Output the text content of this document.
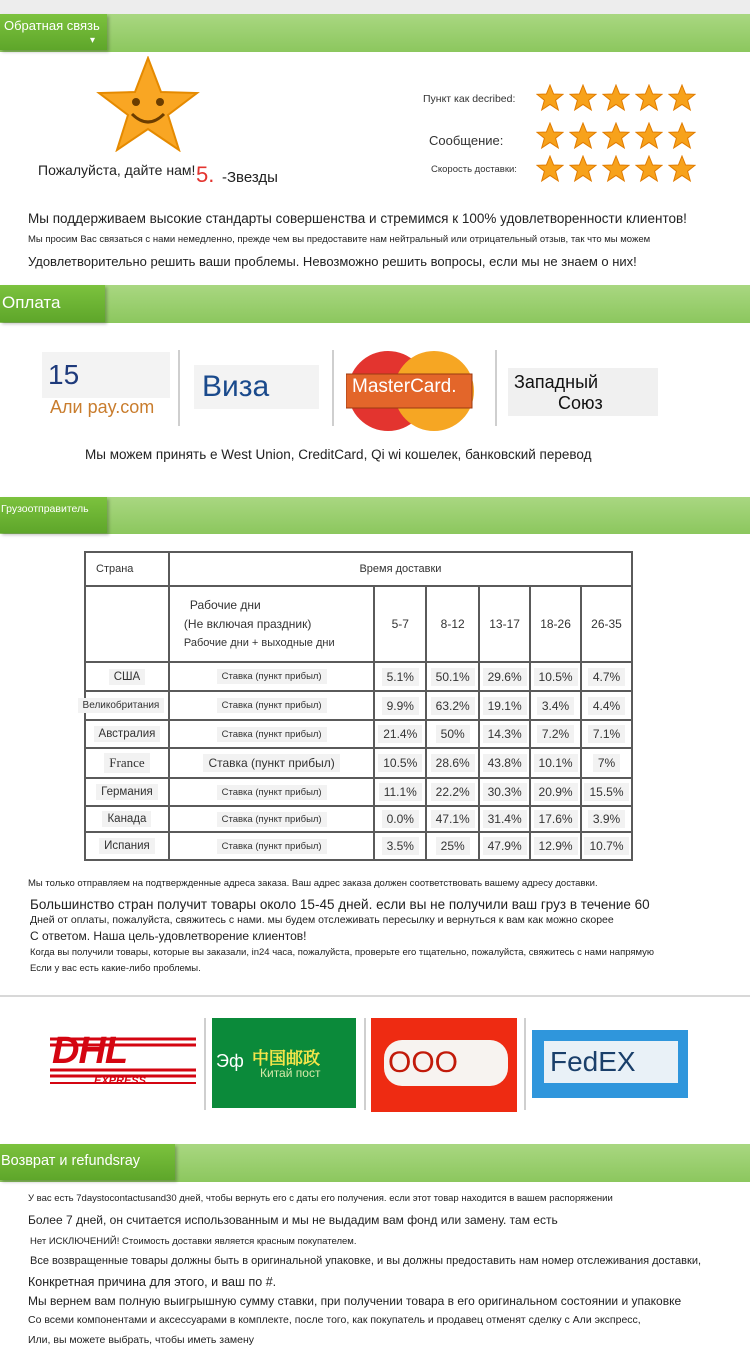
Обратная связь
▾
Пожалуйста, дайте нам! 5. -Звезды
Пункт как decribed:
Сообщение:
Скорость доставки:
Мы поддерживаем высокие стандарты совершенства и стремимся к 100% удовлетворенности клиентов!
Мы просим Вас связаться с нами немедленно, прежде чем вы предоставите нам нейтральный или отрицательный отзыв, так что мы можем
Удовлетворительно решить ваши проблемы. Невозможно решить вопросы, если мы не знаем о них!
Оплата
15
Али pay.com
Виза	MasterCard.	Западный
Союз
Мы можем принять е West Union, CreditCard, Qi wi кошелек, банковский перевод
Грузоотправитель
Страна	Время доставки					

	Рабочие дни
(Не включая праздник)
Рабочие дни + выходные дни	5-7	8-12	13-17	18-26	26-35
США	Ставка (пункт прибыл)	5.1%	50.1%	29.6%	10.5%	4.7%
Великобритания	Ставка (пункт прибыл)	9.9%	63.2%	19.1%	3.4%	4.4%
Австралия	Ставка (пункт прибыл)	21.4%	50%	14.3%	7.2%	7.1%
France	Ставка (пункт прибыл)	10.5%	28.6%	43.8%	10.1%	7%
Германия	Ставка (пункт прибыл)	11.1%	22.2%	30.3%	20.9%	15.5%
Канада	Ставка (пункт прибыл)	0.0%	47.1%	31.4%	17.6%	3.9%
Испания	Ставка (пункт прибыл)	3.5%	25%	47.9%	12.9%	10.7%
Мы только отправляем на подтвержденные адреса заказа. Ваш адрес заказа должен соответствовать вашему адресу доставки.
Большинство стран получит товары около 15-45 дней. если вы не получили ваш груз в течение 60
Дней от оплаты, пожалуйста, свяжитесь с нами. мы будем отслеживать пересылку и вернуться к вам как можно скорее
С ответом. Наша цель-удовлетворение клиентов!
Когда вы получили товары, которые вы заказали, in24 часа, пожалуйста, проверьте его тщательно, пожалуйста, свяжитесь с нами напрямую
Если у вас есть какие-либо проблемы.
DHL
EXPRESS
中国邮政
Эф
Китай пост ООО	FedEX
Возврат и refundsray
У вас есть 7daystocontactusand30 дней, чтобы вернуть его с даты его получения. если этот товар находится в вашем распоряжении
Более 7 дней, он считается использованным и мы не выдадим вам фонд или замену. там есть
Нет ИСКЛЮЧЕНИЙ! Стоимость доставки является красным покупателем.
Все возвращенные товары должны быть в оригинальной упаковке, и вы должны предоставить нам номер отслеживания доставки,
Конкретная причина для этого, и ваш по #.
Мы вернем вам полную выигрышную сумму ставки, при получении товара в его оригинальном состоянии и упаковке
Со всеми компонентами и аксессуарами в комплекте, после того, как покупатель и продавец отменят сделку с Али экспресс,
Или, вы можете выбрать, чтобы иметь замену
